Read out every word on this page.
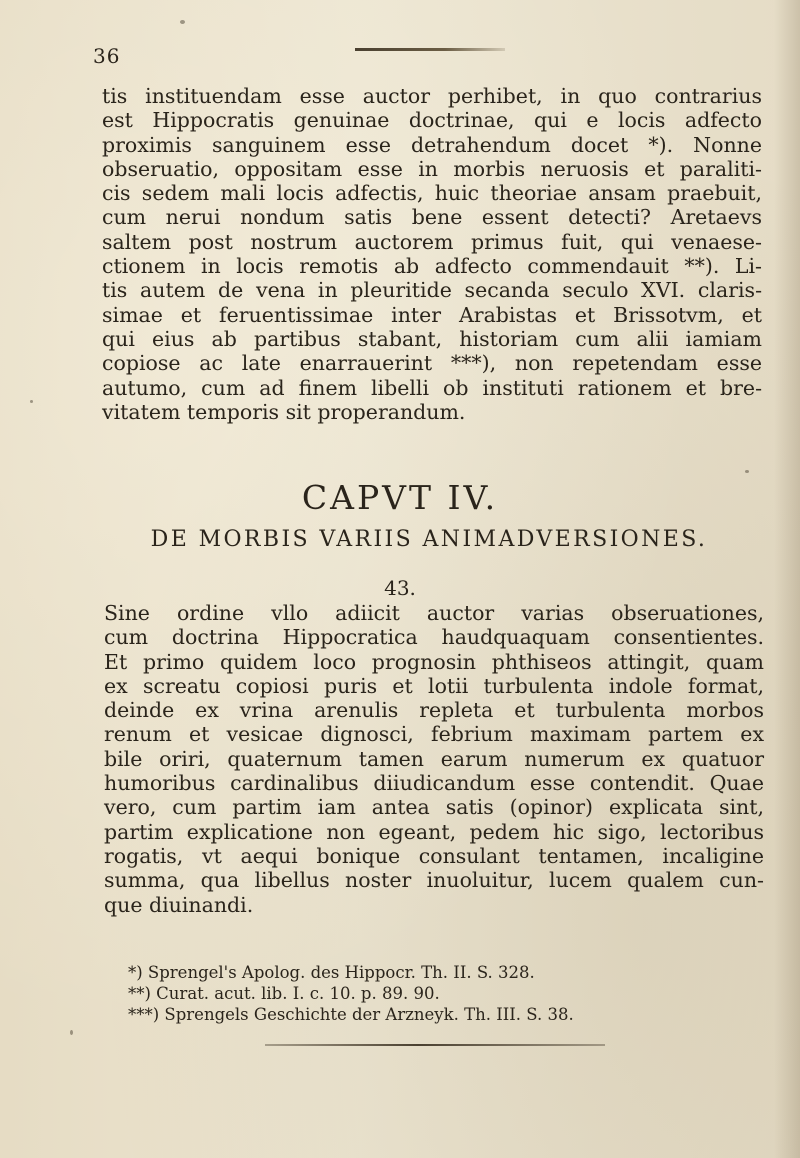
36
tis instituendam esse auctor perhibet, in quo contrarius
est Hippocratis genuinae doctrinae, qui e locis adfecto
proximis sanguinem esse detrahendum docet *). Nonne
obseruatio, oppositam esse in morbis neruosis et paraliti-
cis sedem mali locis adfectis, huic theoriae ansam praebuit,
cum nerui nondum satis bene essent detecti? Aretaevs
saltem post nostrum auctorem primus fuit, qui venaese-
ctionem in locis remotis ab adfecto commendauit **). Li-
tis autem de vena in pleuritide secanda seculo XVI. claris-
simae et feruentissimae inter Arabistas et Brissotvm, et
qui eius ab partibus stabant, historiam cum alii iamiam
copiose ac late enarrauerint ***), non repetendam esse
autumo, cum ad finem libelli ob instituti rationem et bre-
vitatem temporis sit properandum.
CAPVT IV.
DE MORBIS VARIIS ANIMADVERSIONES.
43.
Sine ordine vllo adiicit auctor varias obseruationes,
cum doctrina Hippocratica haudquaquam consentientes.
Et primo quidem loco prognosin phthiseos attingit, quam
ex screatu copiosi puris et lotii turbulenta indole format,
deinde ex vrina arenulis repleta et turbulenta morbos
renum et vesicae dignosci, febrium maximam partem ex
bile oriri, quaternum tamen earum numerum ex quatuor
humoribus cardinalibus diiudicandum esse contendit. Quae
vero, cum partim iam antea satis (opinor) explicata sint,
partim explicatione non egeant, pedem hic sigo, lectoribus
rogatis, vt aequi bonique consulant tentamen, incaligine
summa, qua libellus noster inuoluitur, lucem qualem cun-
que diuinandi.
*) Sprengel's Apolog. des Hippocr. Th. II. S. 328.
**) Curat. acut. lib. I. c. 10. p. 89. 90.
***) Sprengels Geschichte der Arzneyk. Th. III. S. 38.
